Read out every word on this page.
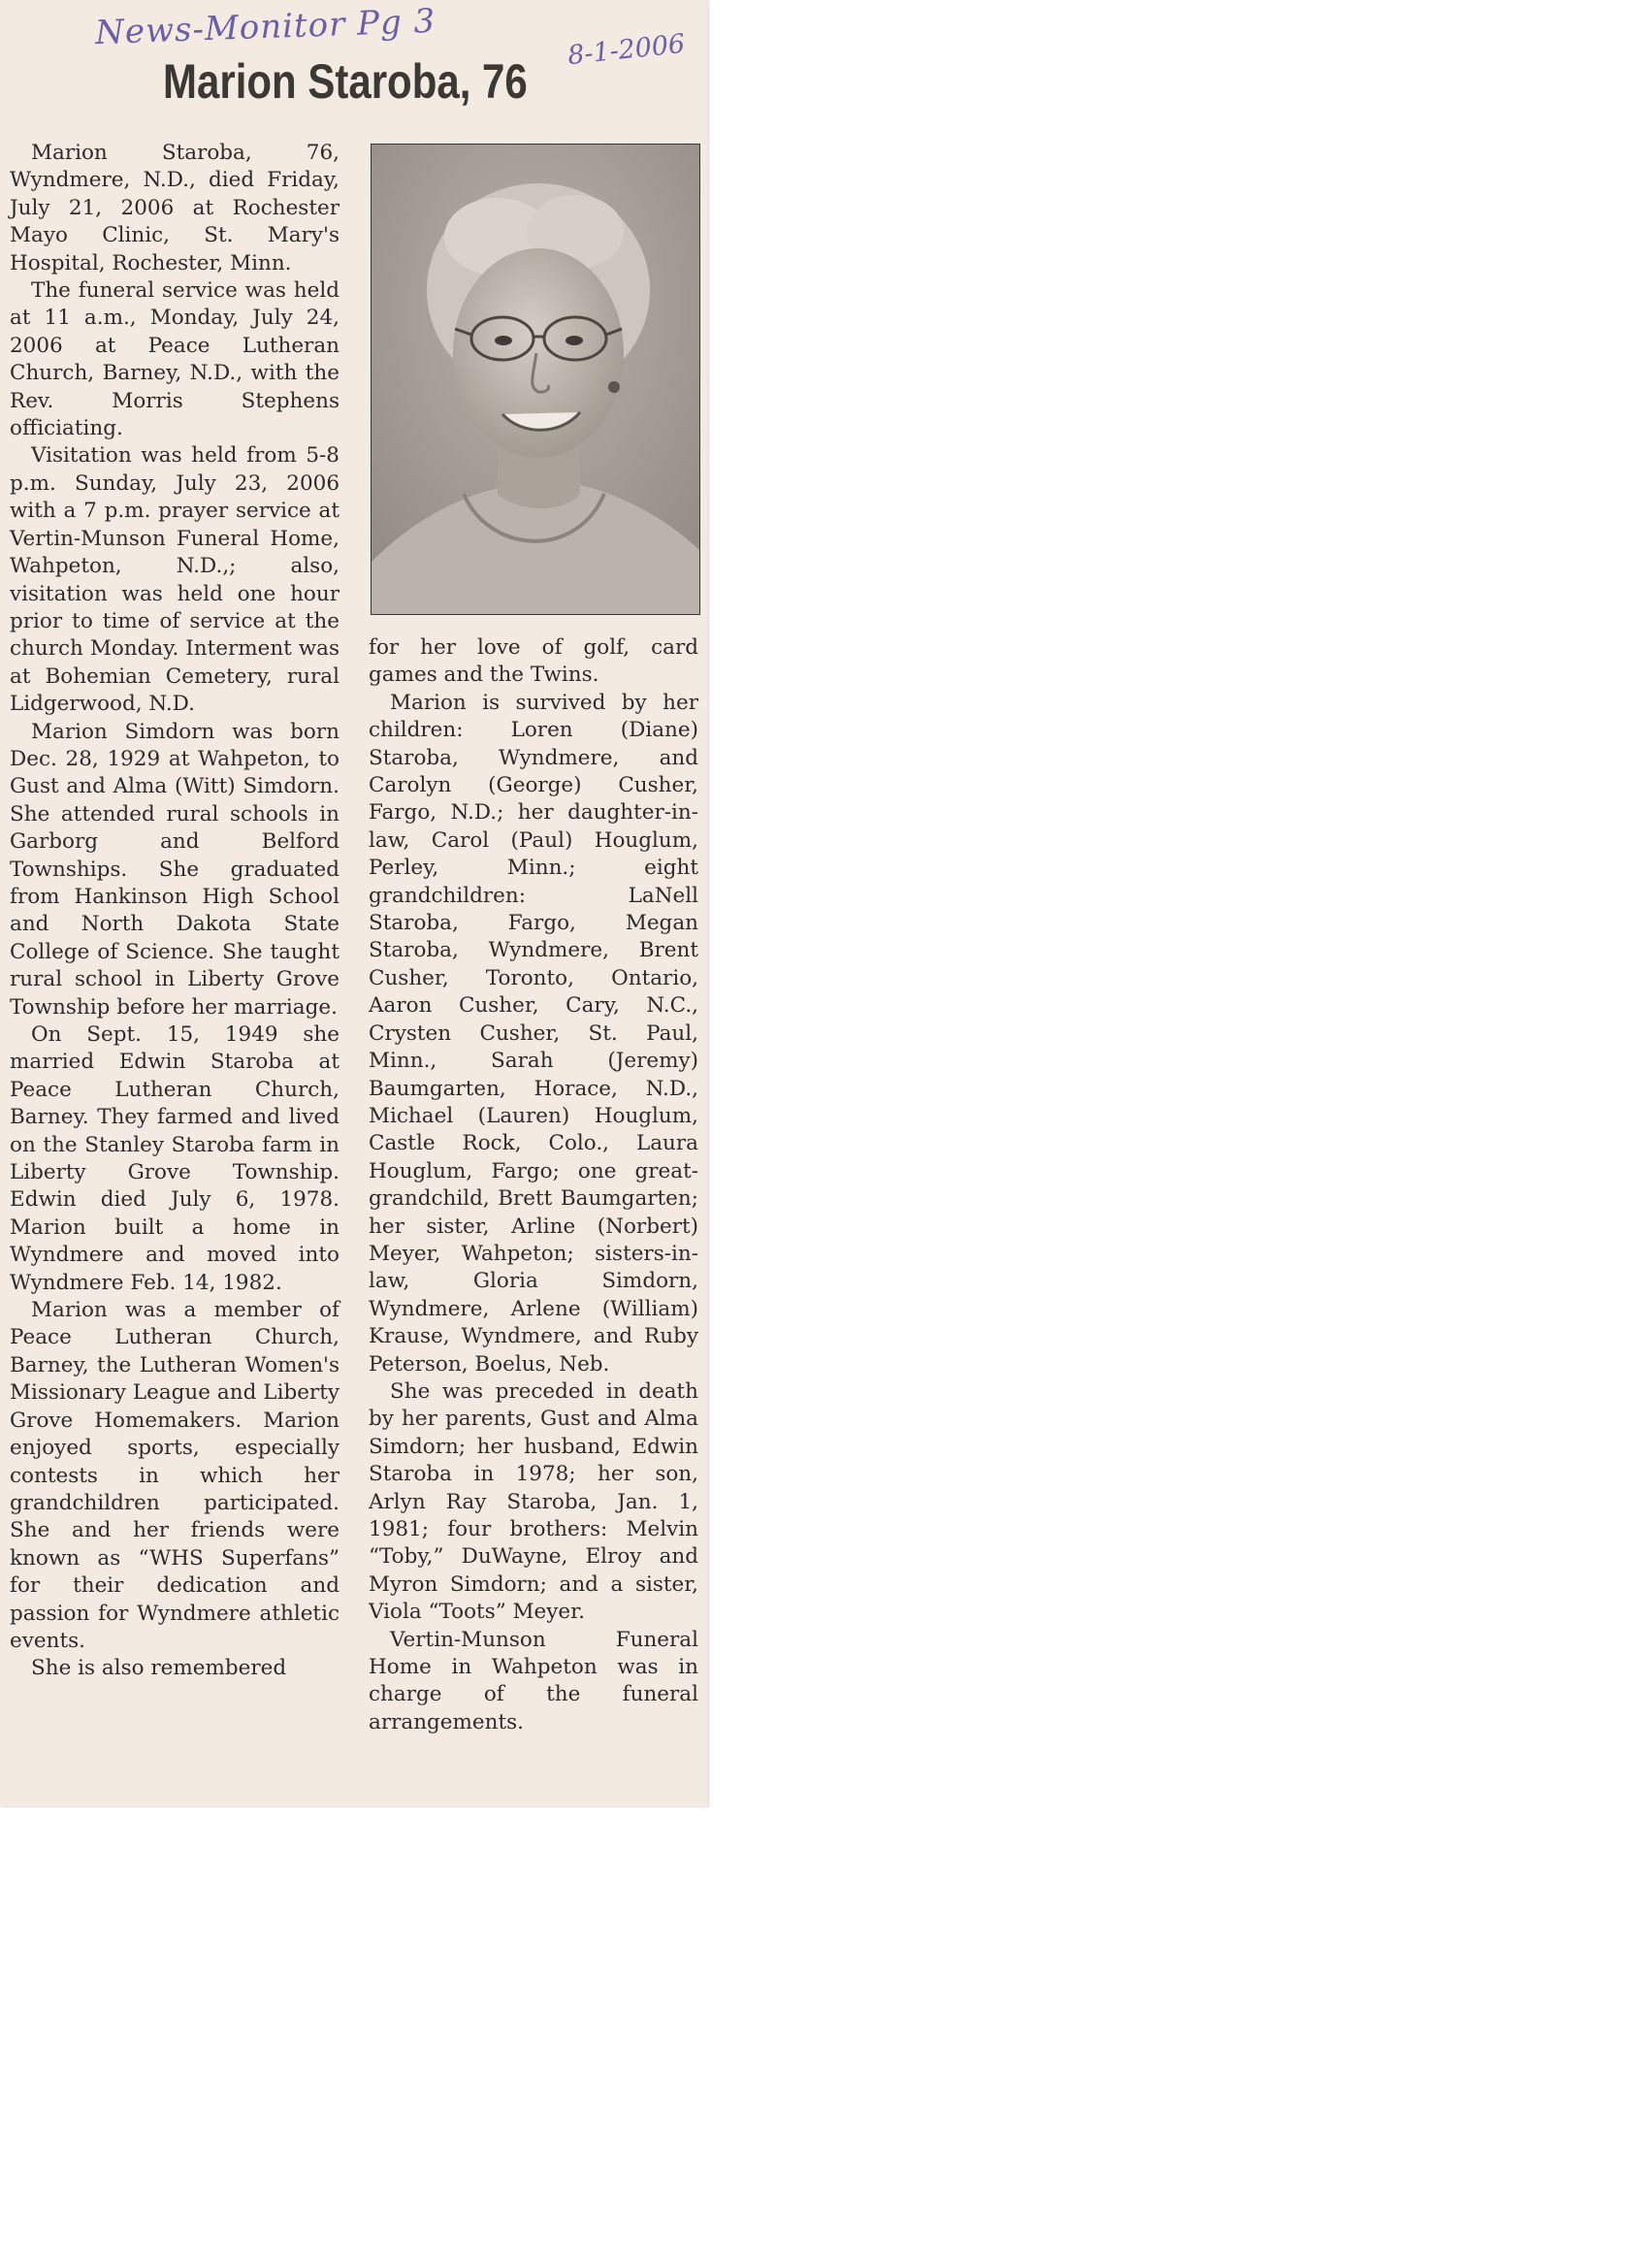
News-Monitor Pg 3	8-1-2006
Marion Staroba, 76

Marion Staroba, 76, Wyndmere, N.D., died Friday, July 21, 2006 at Rochester Mayo Clinic, St. Mary's Hospital, Rochester, Minn.

The funeral service was held at 11 a.m., Monday, July 24, 2006 at Peace Lutheran Church, Barney, N.D., with the Rev. Morris Stephens officiating.

Visitation was held from 5-8 p.m. Sunday, July 23, 2006 with a 7 p.m. prayer service at Vertin-Munson Funeral Home, Wahpeton, N.D.,; also, visitation was held one hour prior to time of service at the church Monday. Interment was at Bohemian Cemetery, rural Lidgerwood, N.D.

Marion Simdorn was born Dec. 28, 1929 at Wahpeton, to Gust and Alma (Witt) Simdorn. She attended rural schools in Garborg and Belford Townships. She graduated from Hankinson High School and North Dakota State College of Science. She taught rural school in Liberty Grove Township before her marriage.

On Sept. 15, 1949 she married Edwin Staroba at Peace Lutheran Church, Barney. They farmed and lived on the Stanley Staroba farm in Liberty Grove Township. Edwin died July 6, 1978. Marion built a home in Wyndmere and moved into Wyndmere Feb. 14, 1982.

Marion was a member of Peace Lutheran Church, Barney, the Lutheran Women's Missionary League and Liberty Grove Homemakers. Marion enjoyed sports, especially contests in which her grandchildren participated. She and her friends were known as “WHS Superfans” for their dedication and passion for Wyndmere athletic events.

She is also remembered

for her love of golf, card games and the Twins.

Marion is survived by her children: Loren (Diane) Staroba, Wyndmere, and Carolyn (George) Cusher, Fargo, N.D.; her daughter-in-law, Carol (Paul) Houglum, Perley, Minn.; eight grandchildren: LaNell Staroba, Fargo, Megan Staroba, Wyndmere, Brent Cusher, Toronto, Ontario, Aaron Cusher, Cary, N.C., Crysten Cusher, St. Paul, Minn., Sarah (Jeremy) Baumgarten, Horace, N.D., Michael (Lauren) Houglum, Castle Rock, Colo., Laura Houglum, Fargo; one great-grandchild, Brett Baumgarten; her sister, Arline (Norbert) Meyer, Wahpeton; sisters-in-law, Gloria Simdorn, Wyndmere, Arlene (William) Krause, Wyndmere, and Ruby Peterson, Boelus, Neb.

She was preceded in death by her parents, Gust and Alma Simdorn; her husband, Edwin Staroba in 1978; her son, Arlyn Ray Staroba, Jan. 1, 1981; four brothers: Melvin “Toby,” DuWayne, Elroy and Myron Simdorn; and a sister, Viola “Toots” Meyer.

Vertin-Munson Funeral Home in Wahpeton was in charge of the funeral arrangements.
